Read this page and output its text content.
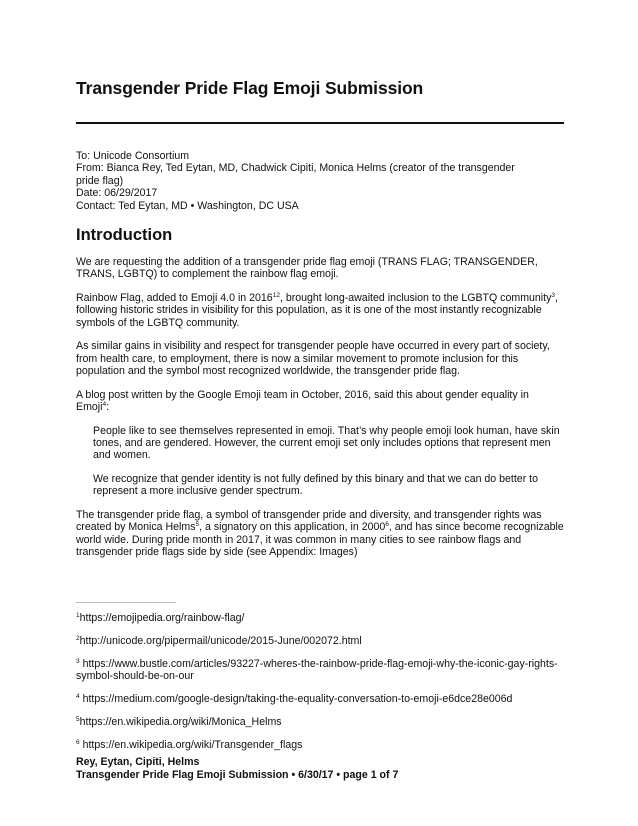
Transgender Pride Flag Emoji Submission
To: Unicode Consortium
From: Bianca Rey, Ted Eytan, MD, Chadwick Cipiti, Monica Helms (creator of the transgender
pride flag)
Date: 06/29/2017
Contact: Ted Eytan, MD • Washington, DC USA
Introduction

We are requesting the addition of a transgender pride flag emoji (TRANS FLAG; TRANSGENDER, TRANS, LGBTQ) to complement the rainbow flag emoji.

Rainbow Flag, added to Emoji 4.0 in 2016$^{12}$, brought long-awaited inclusion to the LGBTQ community$^3$, following historic strides in visibility for this population, as it is one of the most instantly recognizable symbols of the LGBTQ community.

As similar gains in visibility and respect for transgender people have occurred in every part of society, from health care, to employment, there is now a similar movement to promote inclusion for this population and the symbol most recognized worldwide, the transgender pride flag.

A blog post written by the Google Emoji team in October, 2016, said this about gender equality in Emoji$^4$:

People like to see themselves represented in emoji. That’s why people emoji look human, have skin tones, and are gendered. However, the current emoji set only includes options that represent men and women.

We recognize that gender identity is not fully defined by this binary and that we can do better to represent a more inclusive gender spectrum.

The transgender pride flag, a symbol of transgender pride and diversity, and transgender rights was created by Monica Helms$^5$, a signatory on this application, in 2000$^6$, and has since become recognizable world wide. During pride month in 2017, it was common in many cities to see rainbow flags and transgender pride flags side by side (see Appendix: Images)

$^1$https://emojipedia.org/rainbow-flag/
$^2$http://unicode.org/pipermail/unicode/2015-June/002072.html
$^3$ https://www.bustle.com/articles/93227-wheres-the-rainbow-pride-flag-emoji-why-the-iconic-gay-rights-symbol-should-be-on-our
$^4$ https://medium.com/google-design/taking-the-equality-conversation-to-emoji-e6dce28e006d
$^5$https://en.wikipedia.org/wiki/Monica_Helms
$^6$ https://en.wikipedia.org/wiki/Transgender_flags
Rey, Eytan, Cipiti, Helms
Transgender Pride Flag Emoji Submission • 6/30/17 • page 1 of 7
